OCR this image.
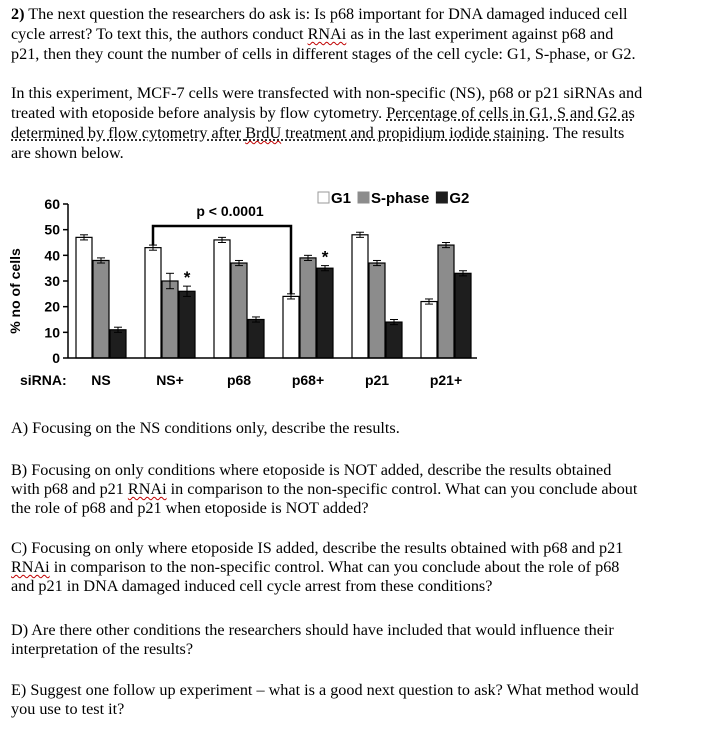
2) The next question the researchers do ask is: Is p68 important for DNA damaged induced cell
cycle arrest? To text this, the authors conduct RNAi as in the last experiment against p68 and
p21, then they count the number of cells in different stages of the cell cycle: G1, S-phase, or G2.

In this experiment, MCF-7 cells were transfected with non-specific (NS), p68 or p21 siRNAs and
treated with etoposide before analysis by flow cytometry. Percentage of cells in G1, S and G2 as
determined by flow cytometry after BrdU treatment and propidium iodide staining. The results
are shown below.

0
10
20
30
40
50
60
% no of cells
siRNA: NS	NS+	p68	p68+	p21	p21+
G1 S-phase G2
*
*
p < 0.0001

A) Focusing on the NS conditions only, describe the results.

B) Focusing on only conditions where etoposide is NOT added, describe the results obtained
with p68 and p21 RNAi in comparison to the non-specific control. What can you conclude about
the role of p68 and p21 when etoposide is NOT added?

C) Focusing on only where etoposide IS added, describe the results obtained with p68 and p21
RNAi in comparison to the non-specific control. What can you conclude about the role of p68
and p21 in DNA damaged induced cell cycle arrest from these conditions?

D) Are there other conditions the researchers should have included that would influence their
interpretation of the results?

E) Suggest one follow up experiment – what is a good next question to ask? What method would
you use to test it?
